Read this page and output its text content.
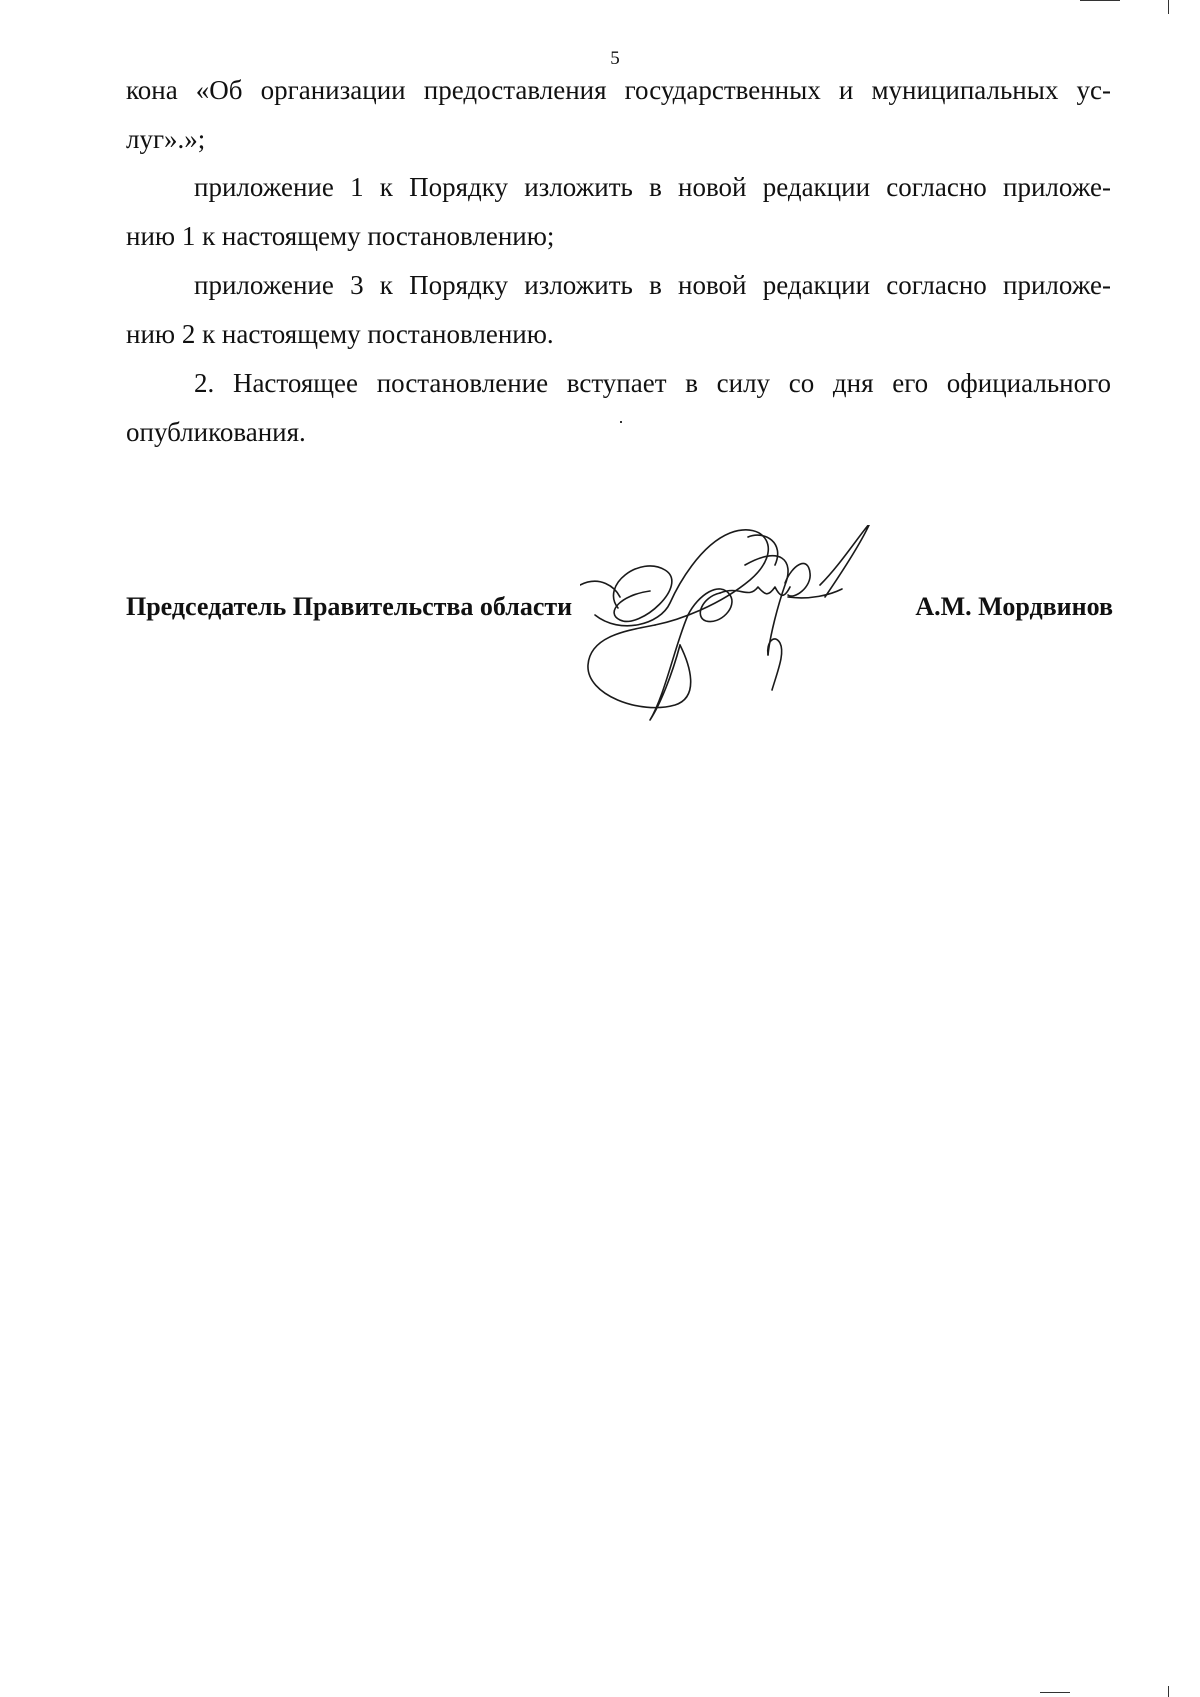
5
кона «Об организации предоставления государственных и муниципальных ус-
луг».»;
приложение 1 к Порядку изложить в новой редакции согласно приложе-
нию 1 к настоящему постановлению;
приложение 3 к Порядку изложить в новой редакции согласно приложе-
нию 2 к настоящему постановлению.
2. Настоящее постановление вступает в силу со дня его официального
опубликования.
Председатель Правительства области	А.М. Мордвинов
